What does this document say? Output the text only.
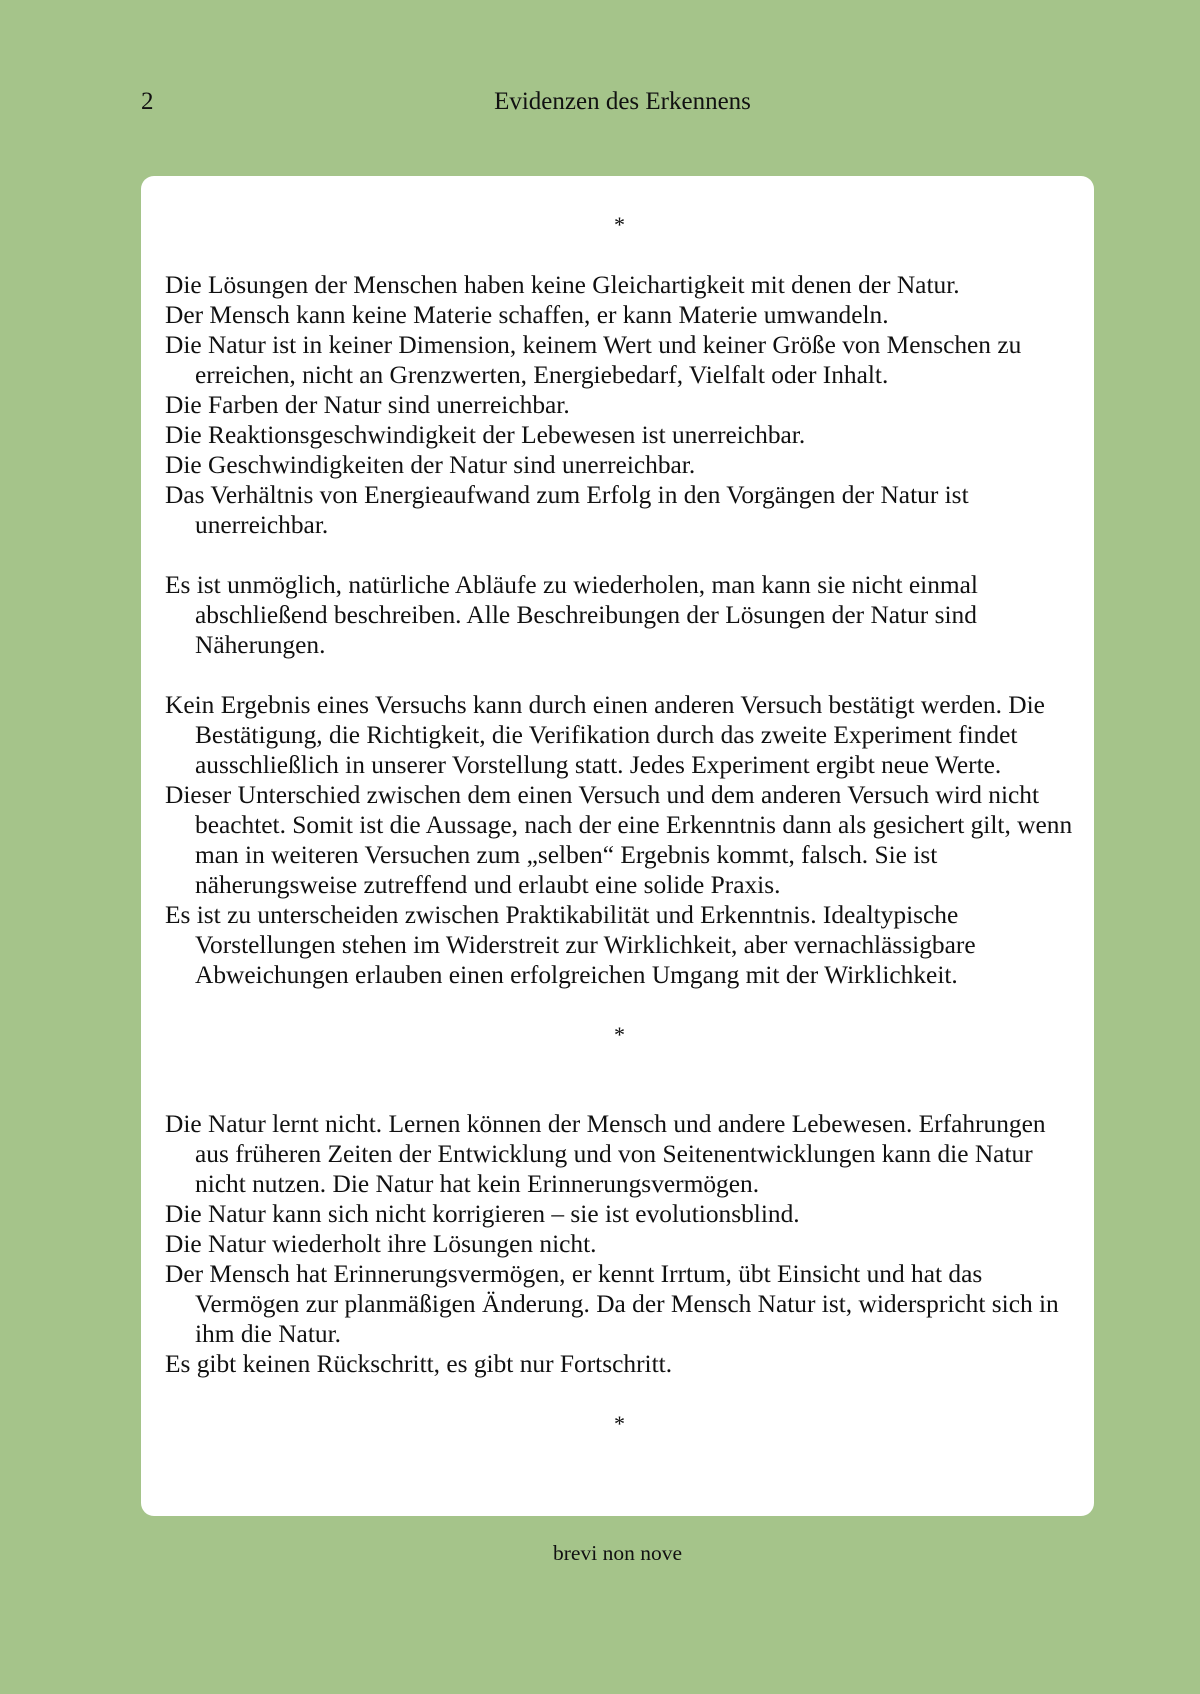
2	Evidenzen des Erkennens
*

Die Lösungen der Menschen haben keine Gleichartigkeit mit denen der Natur.

Der Mensch kann keine Materie schaffen, er kann Materie umwandeln.

Die Natur ist in keiner Dimension, keinem Wert und keiner Größe von Menschen zu erreichen, nicht an Grenzwerten, Energiebedarf, Vielfalt oder Inhalt.

Die Farben der Natur sind unerreichbar.

Die Reaktionsgeschwindigkeit der Lebewesen ist unerreichbar.

Die Geschwindigkeiten der Natur sind unerreichbar.

Das Verhältnis von Energieaufwand zum Erfolg in den Vorgängen der Natur ist unerreichbar.

Es ist unmöglich, natürliche Abläufe zu wiederholen, man kann sie nicht einmal abschließend beschreiben. Alle Beschreibungen der Lösungen der Natur sind Näherungen.

Kein Ergebnis eines Versuchs kann durch einen anderen Versuch bestätigt werden. Die Bestätigung, die Richtigkeit, die Verifikation durch das zweite Experiment findet ausschließlich in unserer Vorstellung statt. Jedes Experiment ergibt neue Werte.

Dieser Unterschied zwischen dem einen Versuch und dem anderen Versuch wird nicht beachtet. Somit ist die Aussage, nach der eine Erkenntnis dann als gesichert gilt, wenn man in weiteren Versuchen zum „selben“ Ergebnis kommt, falsch. Sie ist näherungsweise zutreffend und erlaubt eine solide Praxis.

Es ist zu unterscheiden zwischen Praktikabilität und Erkenntnis. Idealtypische Vorstellungen stehen im Widerstreit zur Wirklichkeit, aber vernachlässigbare Abweichungen erlauben einen erfolgreichen Umgang mit der Wirklichkeit.

*

Die Natur lernt nicht. Lernen können der Mensch und andere Lebewesen. Erfahrungen aus früheren Zeiten der Entwicklung und von Seitenentwicklungen kann die Natur nicht nutzen. Die Natur hat kein Erinnerungsvermögen.

Die Natur kann sich nicht korrigieren – sie ist evolutionsblind.

Die Natur wiederholt ihre Lösungen nicht.

Der Mensch hat Erinnerungsvermögen, er kennt Irrtum, übt Einsicht und hat das Vermögen zur planmäßigen Änderung. Da der Mensch Natur ist, widerspricht sich in ihm die Natur.

Es gibt keinen Rückschritt, es gibt nur Fortschritt.

*
brevi non nove
